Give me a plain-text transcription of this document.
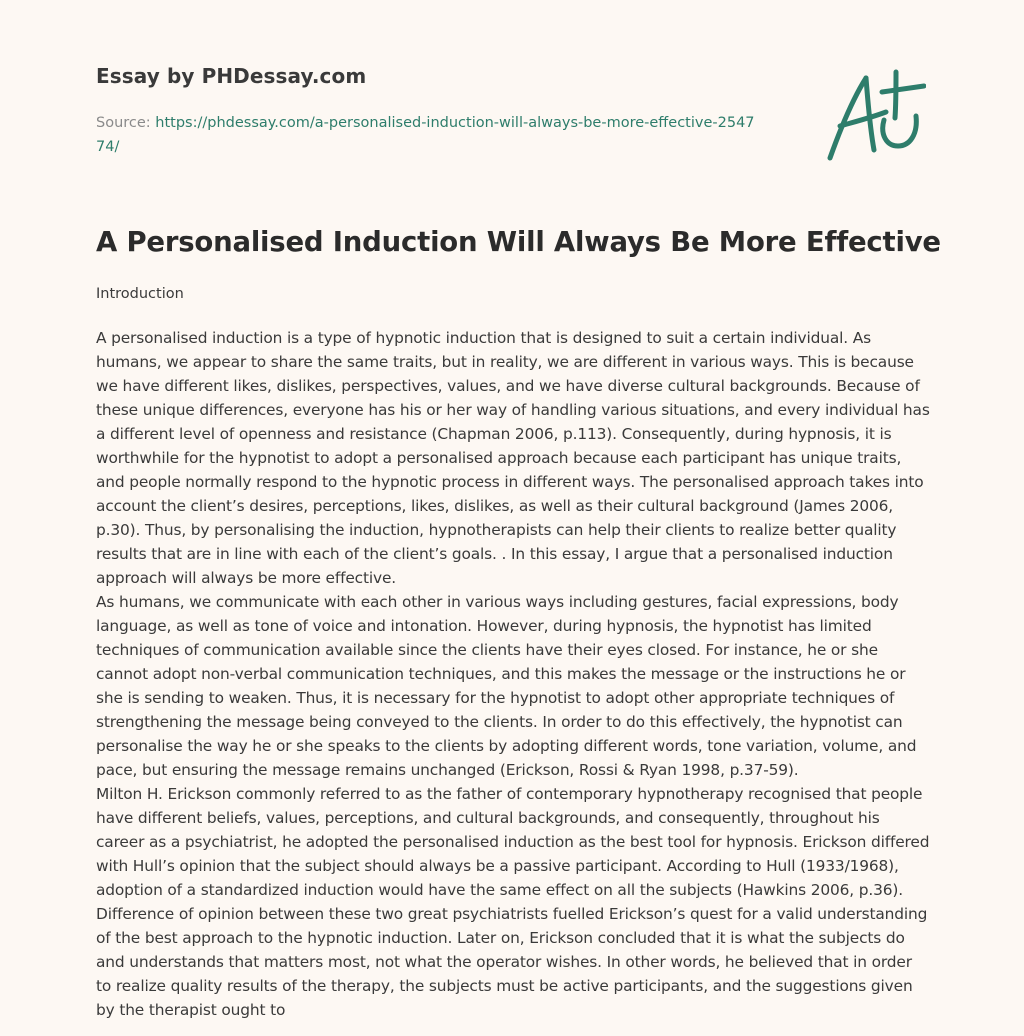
Essay by PHDessay.com
Source: https://phdessay.com/a-personalised-induction-will-always-be-more-effective-254774/
A Personalised Induction Will Always Be More Effective
Introduction

A personalised induction is a type of hypnotic induction that is designed to suit a certain individual. As humans, we appear to share the same traits, but in reality, we are different in various ways. This is because we have different likes, dislikes, perspectives, values, and we have diverse cultural backgrounds. Because of these unique differences, everyone has his or her way of handling various situations, and every individual has a different level of openness and resistance (Chapman 2006, p.113). Consequently, during hypnosis, it is worthwhile for the hypnotist to adopt a personalised approach because each participant has unique traits, and people normally respond to the hypnotic process in different ways. The personalised approach takes into account the client’s desires, perceptions, likes, dislikes, as well as their cultural background (James 2006, p.30). Thus, by personalising the induction, hypnotherapists can help their clients to realize better quality results that are in line with each of the client’s goals. . In this essay, I argue that a personalised induction approach will always be more effective.

As humans, we communicate with each other in various ways including gestures, facial expressions, body language, as well as tone of voice and intonation. However, during hypnosis, the hypnotist has limited techniques of communication available since the clients have their eyes closed. For instance, he or she cannot adopt non-verbal communication techniques, and this makes the message or the instructions he or she is sending to weaken. Thus, it is necessary for the hypnotist to adopt other appropriate techniques of strengthening the message being conveyed to the clients. In order to do this effectively, the hypnotist can personalise the way he or she speaks to the clients by adopting different words, tone variation, volume, and pace, but ensuring the message remains unchanged (Erickson, Rossi & Ryan 1998, p.37-59).

Milton H. Erickson commonly referred to as the father of contemporary hypnotherapy recognised that people have different beliefs, values, perceptions, and cultural backgrounds, and consequently, throughout his career as a psychiatrist, he adopted the personalised induction as the best tool for hypnosis. Erickson differed with Hull’s opinion that the subject should always be a passive participant. According to Hull (1933/1968), adoption of a standardized induction would have the same effect on all the subjects (Hawkins 2006, p.36). Difference of opinion between these two great psychiatrists fuelled Erickson’s quest for a valid understanding of the best approach to the hypnotic induction. Later on, Erickson concluded that it is what the subjects do and understands that matters most, not what the operator wishes. In other words, he believed that in order to realize quality results of the therapy, the subjects must be active participants, and the suggestions given by the therapist ought to
